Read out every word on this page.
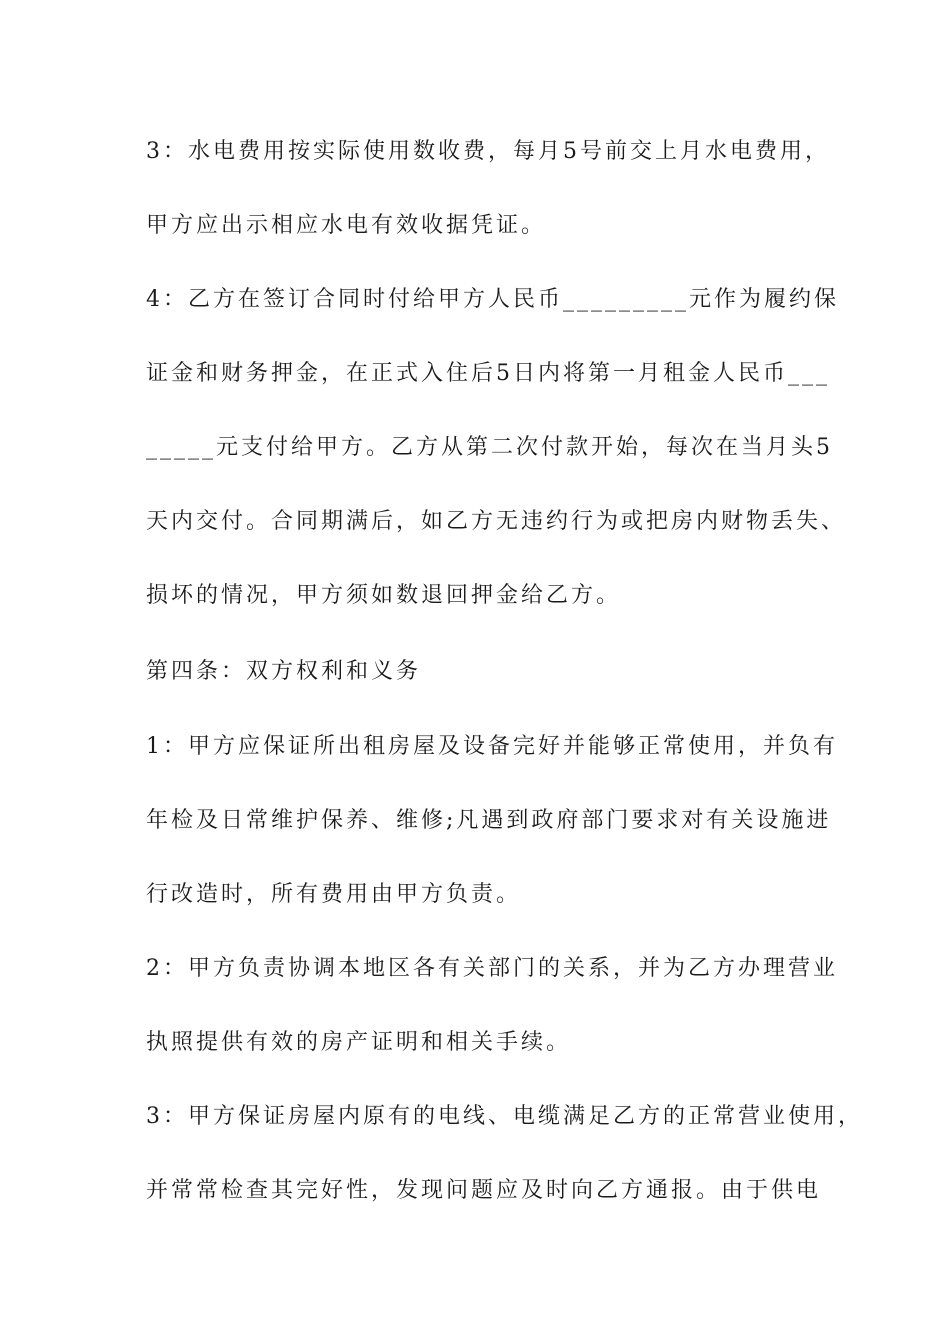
3：水电费用按实际使用数收费，每月5号前交上月水电费用，
甲方应出示相应水电有效收据凭证。
4：乙方在签订合同时付给甲方人民币_________元作为履约保
证金和财务押金，在正式入住后5日内将第一月租金人民币___
_____元支付给甲方。乙方从第二次付款开始，每次在当月头5
天内交付。合同期满后，如乙方无违约行为或把房内财物丢失、
损坏的情况，甲方须如数退回押金给乙方。
第四条：双方权利和义务
1：甲方应保证所出租房屋及设备完好并能够正常使用，并负有
年检及日常维护保养、维修;凡遇到政府部门要求对有关设施进
行改造时，所有费用由甲方负责。
2：甲方负责协调本地区各有关部门的关系，并为乙方办理营业
执照提供有效的房产证明和相关手续。
3：甲方保证房屋内原有的电线、电缆满足乙方的正常营业使用，
并常常检查其完好性，发现问题应及时向乙方通报。由于供电
